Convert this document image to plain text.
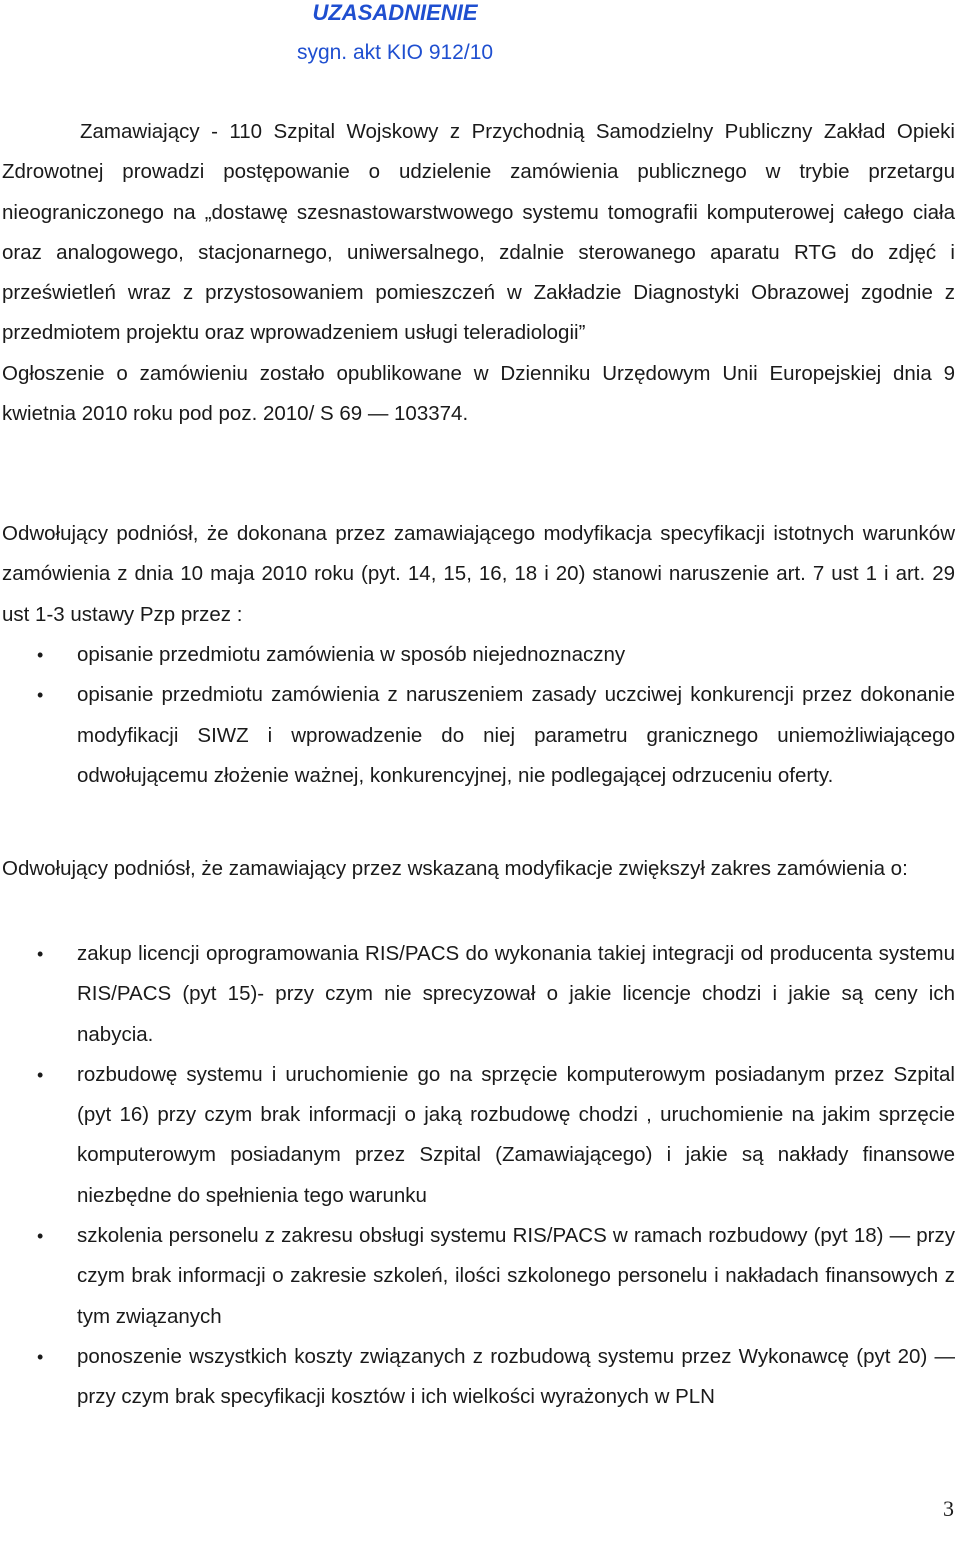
UZASADNIENIE
sygn. akt KIO 912/10
Zamawiający - 110 Szpital Wojskowy z Przychodnią Samodzielny Publiczny Zakład Opieki Zdrowotnej prowadzi postępowanie o udzielenie zamówienia publicznego w trybie przetargu nieograniczonego na „dostawę szesnastowarstwowego systemu tomografii komputerowej całego ciała oraz analogowego, stacjonarnego, uniwersalnego, zdalnie sterowanego aparatu RTG do zdjęć i prześwietleń wraz z przystosowaniem pomieszczeń w Zakładzie Diagnostyki Obrazowej zgodnie z przedmiotem projektu oraz wprowadzeniem usługi teleradiologii”
Ogłoszenie o zamówieniu zostało opublikowane w Dzienniku Urzędowym Unii Europejskiej dnia 9 kwietnia 2010 roku pod poz. 2010/ S 69 — 103374.
Odwołujący podniósł, że dokonana przez zamawiającego modyfikacja specyfikacji istotnych warunków zamówienia z dnia 10 maja 2010 roku (pyt. 14, 15, 16, 18 i 20) stanowi naruszenie art. 7 ust 1 i art. 29 ust 1-3 ustawy Pzp przez :
• opisanie przedmiotu zamówienia w sposób niejednoznaczny
• opisanie przedmiotu zamówienia z naruszeniem zasady uczciwej konkurencji przez dokonanie modyfikacji SIWZ i wprowadzenie do niej parametru granicznego uniemożliwiającego odwołującemu złożenie ważnej, konkurencyjnej, nie podlegającej odrzuceniu oferty.
Odwołujący podniósł, że zamawiający przez wskazaną modyfikacje zwiększył zakres zamówienia o:
• zakup licencji oprogramowania RIS/PACS do wykonania takiej integracji od producenta systemu RIS/PACS (pyt 15)- przy czym nie sprecyzował o jakie licencje chodzi i jakie są ceny ich nabycia.
• rozbudowę systemu i uruchomienie go na sprzęcie komputerowym posiadanym przez Szpital (pyt 16) przy czym brak informacji o jaką rozbudowę chodzi , uruchomienie na jakim sprzęcie komputerowym posiadanym przez Szpital (Zamawiającego) i jakie są nakłady finansowe niezbędne do spełnienia tego warunku
• szkolenia personelu z zakresu obsługi systemu RIS/PACS w ramach rozbudowy (pyt 18) — przy czym brak informacji o zakresie szkoleń, ilości szkolonego personelu i nakładach finansowych z tym związanych
• ponoszenie wszystkich koszty związanych z rozbudową systemu przez Wykonawcę (pyt 20) — przy czym brak specyfikacji kosztów i ich wielkości wyrażonych w PLN
3
